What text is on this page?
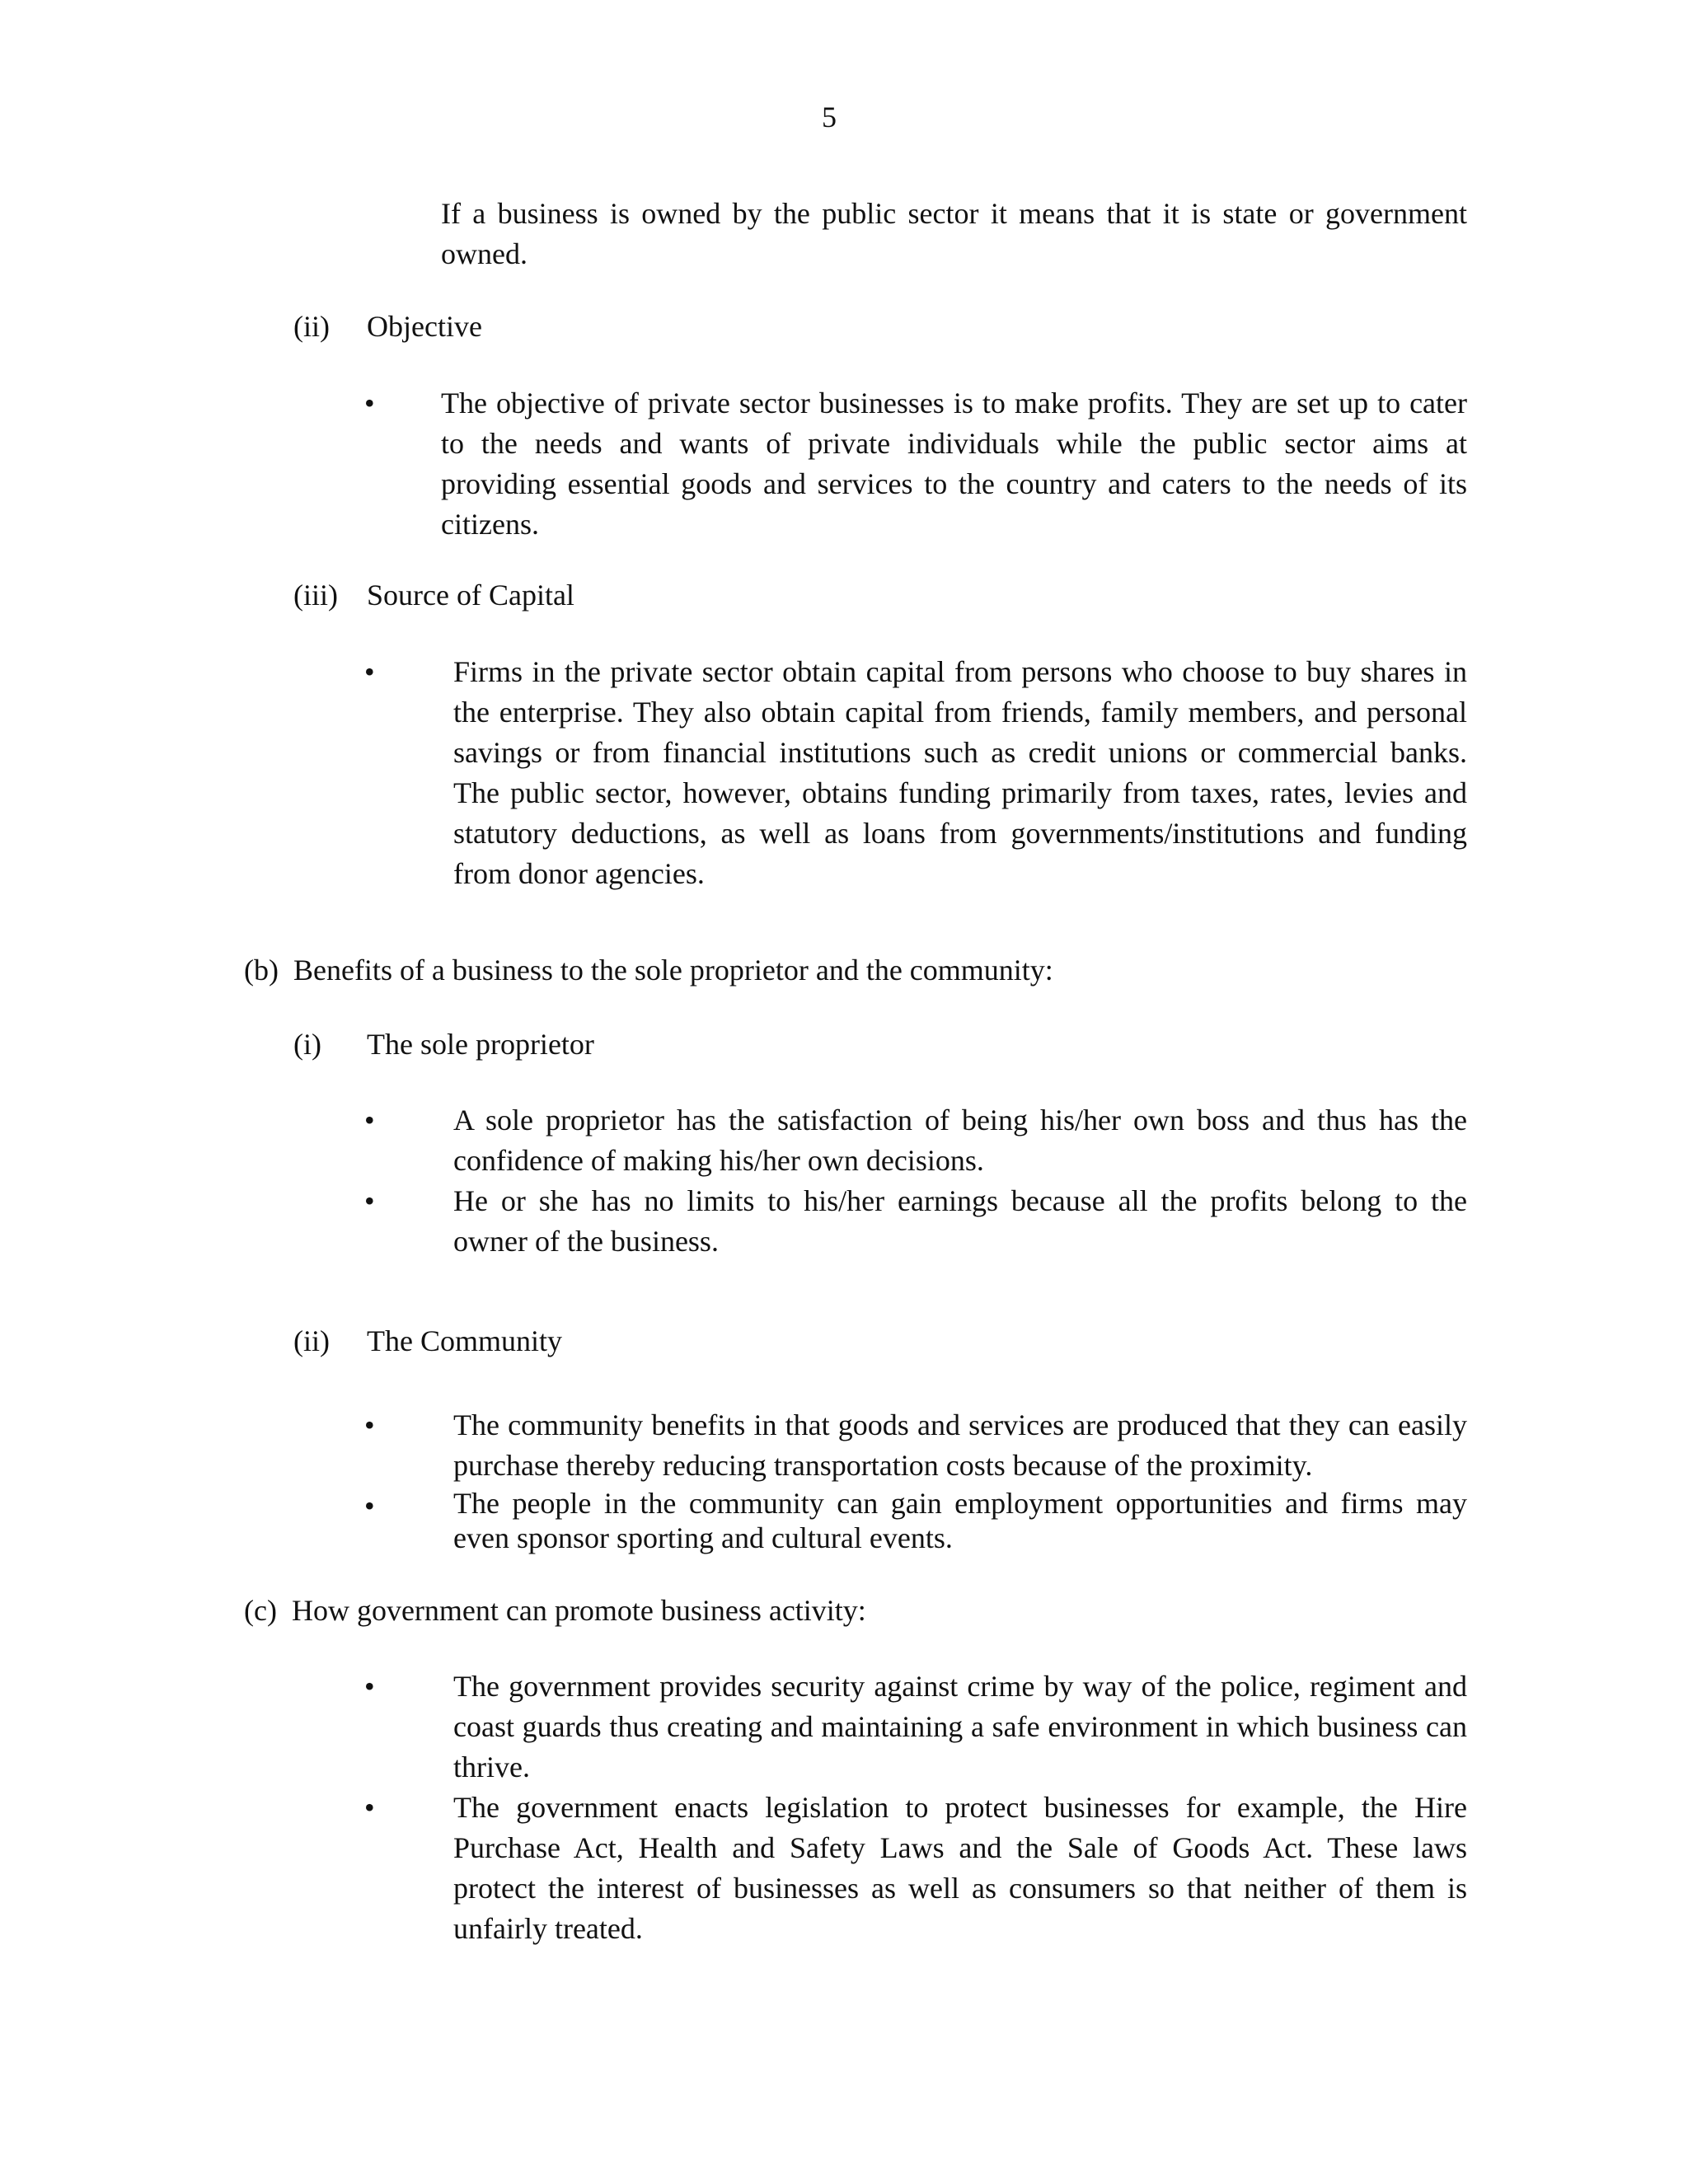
5
If a business is owned by the public sector it means that it is state or government
owned.
(ii) Objective
• The objective of private sector businesses is to make profits. They are set up to cater
to the needs and wants of private individuals while the public sector aims at
providing essential goods and services to the country and caters to the needs of its
citizens.
(iii) Source of Capital
•	Firms in the private sector obtain capital from persons who choose to buy shares in
the enterprise. They also obtain capital from friends, family members, and personal
savings or from financial institutions such as credit unions or commercial banks.
The public sector, however, obtains funding primarily from taxes, rates, levies and
statutory deductions, as well as loans from governments/institutions and funding
from donor agencies.
(b)  Benefits of a business to the sole proprietor and the community:
(i) The sole proprietor
•	A sole proprietor has the satisfaction of being his/her own boss and thus has the
confidence of making his/her own decisions.
•	He or she has no limits to his/her earnings because all the profits belong to the
owner of the business.
(ii) The Community
•	The community benefits in that goods and services are produced that they can easily
purchase thereby reducing transportation costs because of the proximity.
•	The people in the community can gain employment opportunities and firms may
even sponsor sporting and cultural events.
(c)  How government can promote business activity:
•	The government provides security against crime by way of the police, regiment and
coast guards thus creating and maintaining a safe environment in which business can
thrive.
•	The government enacts legislation to protect businesses for example, the Hire
Purchase Act, Health and Safety Laws and the Sale of Goods Act. These laws
protect the interest of businesses as well as consumers so that neither of them is
unfairly treated.
